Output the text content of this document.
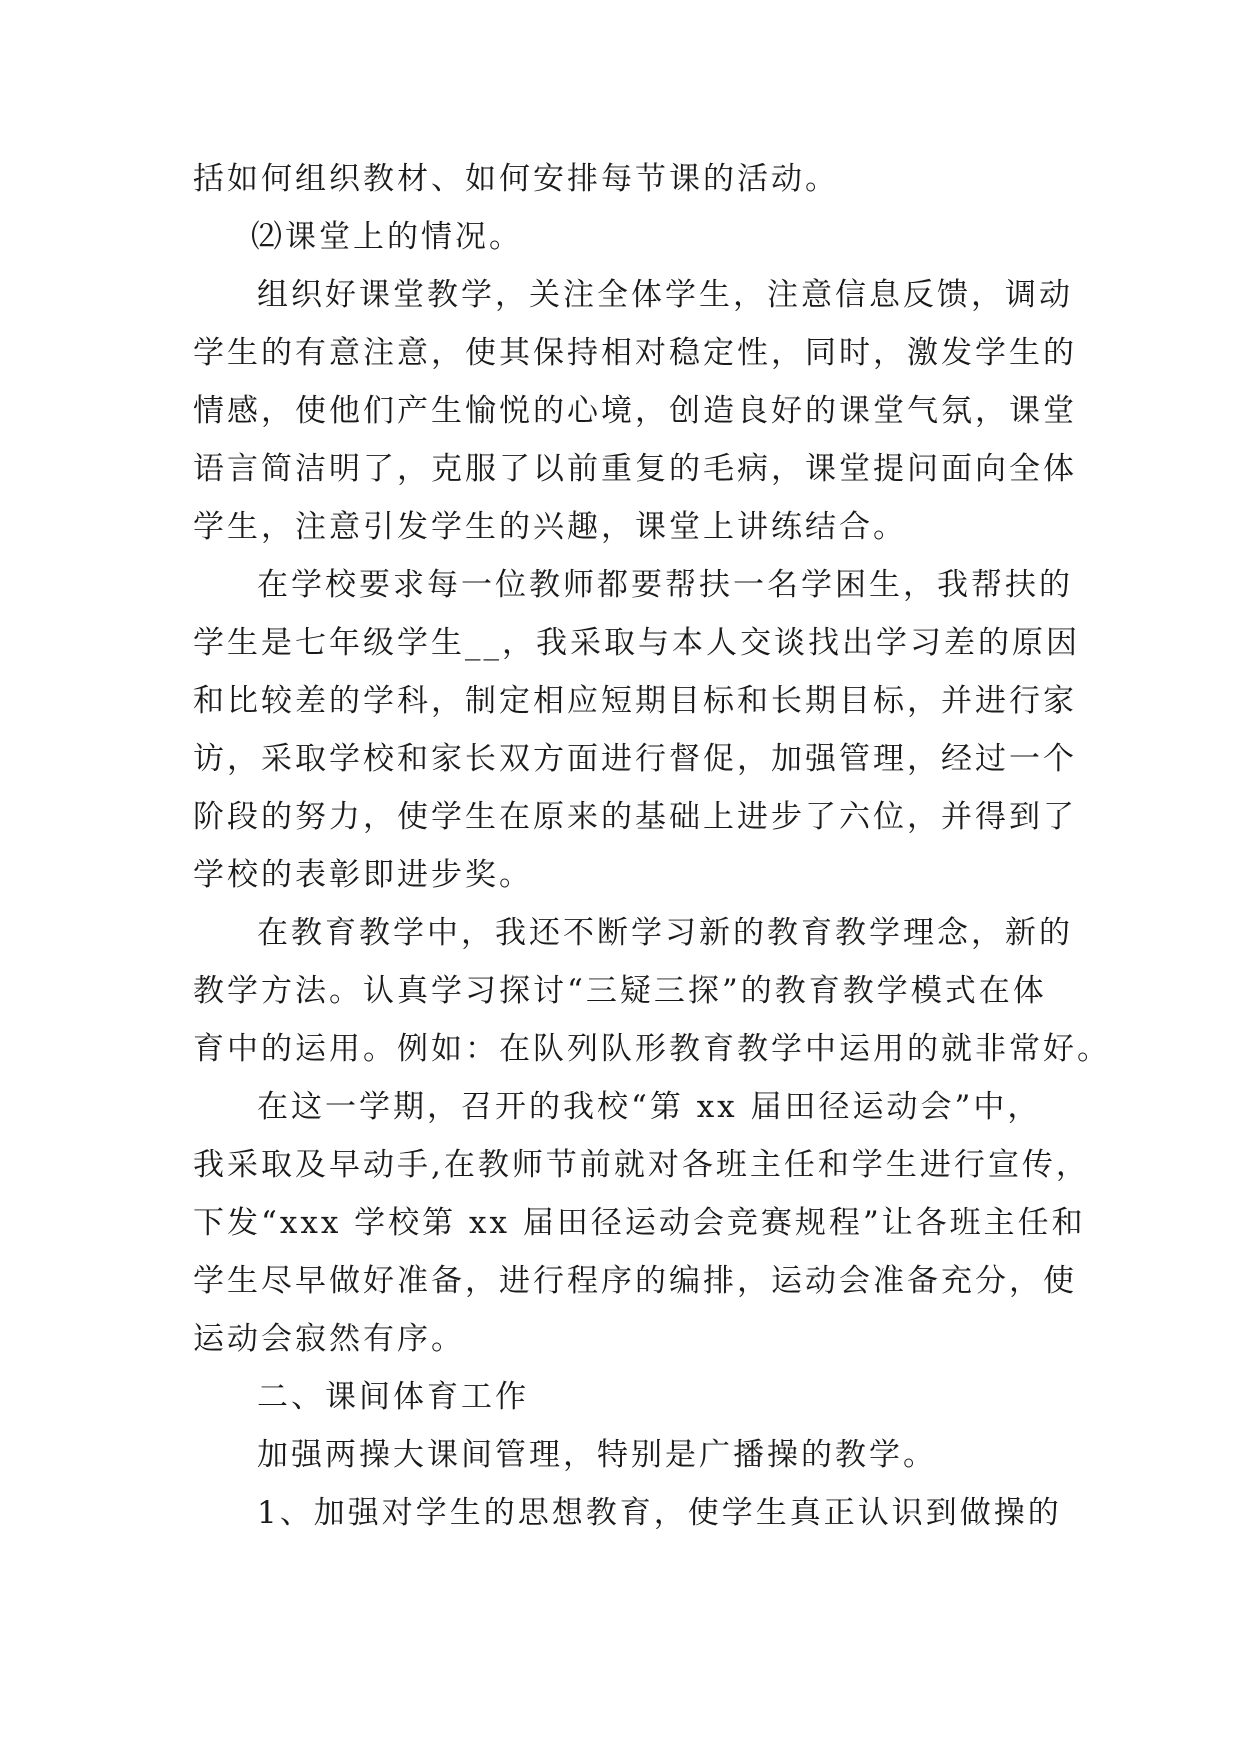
括如何组织教材、如何安排每节课的活动。
⑵课堂上的情况。
组织好课堂教学，关注全体学生，注意信息反馈，调动
学生的有意注意，使其保持相对稳定性，同时，激发学生的
情感，使他们产生愉悦的心境，创造良好的课堂气氛，课堂
语言简洁明了，克服了以前重复的毛病，课堂提问面向全体
学生，注意引发学生的兴趣，课堂上讲练结合。
在学校要求每一位教师都要帮扶一名学困生，我帮扶的
学生是七年级学生__，我采取与本人交谈找出学习差的原因
和比较差的学科，制定相应短期目标和长期目标，并进行家
访，采取学校和家长双方面进行督促，加强管理，经过一个
阶段的努力，使学生在原来的基础上进步了六位，并得到了
学校的表彰即进步奖。
在教育教学中，我还不断学习新的教育教学理念，新的
教学方法。认真学习探讨“三疑三探”的教育教学模式在体
育中的运用。例如：在队列队形教育教学中运用的就非常好。
在这一学期，召开的我校“第 xx 届田径运动会”中，
我采取及早动手,在教师节前就对各班主任和学生进行宣传，
下发“xxx 学校第 xx 届田径运动会竞赛规程”让各班主任和
学生尽早做好准备，进行程序的编排，运动会准备充分，使
运动会寂然有序。
二、课间体育工作
加强两操大课间管理，特别是广播操的教学。
1、加强对学生的思想教育，使学生真正认识到做操的
